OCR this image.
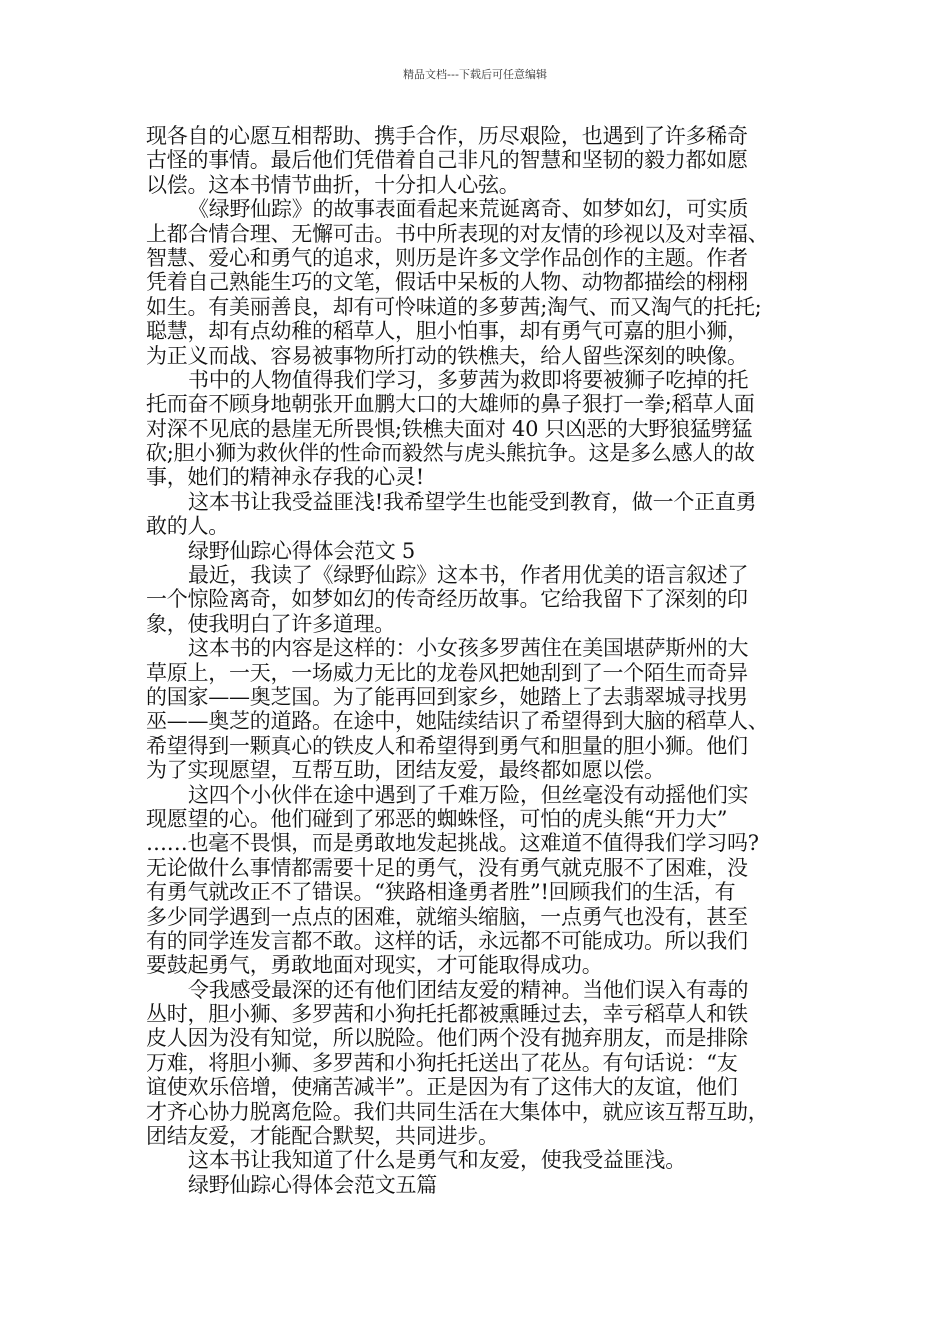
精品文档---下载后可任意编辑
现各自的心愿互相帮助、携手合作，历尽艰险，也遇到了许多稀奇
古怪的事情。最后他们凭借着自己非凡的智慧和坚韧的毅力都如愿
以偿。这本书情节曲折，十分扣人心弦。
《绿野仙踪》的故事表面看起来荒诞离奇、如梦如幻，可实质
上都合情合理、无懈可击。书中所表现的对友情的珍视以及对幸福、
智慧、爱心和勇气的追求，则历是许多文学作品创作的主题。作者
凭着自己熟能生巧的文笔，假话中呆板的人物、动物都描绘的栩栩
如生。有美丽善良，却有可怜味道的多萝茜;淘气、而又淘气的托托;
聪慧，却有点幼稚的稻草人，胆小怕事，却有勇气可嘉的胆小狮，
为正义而战、容易被事物所打动的铁樵夫，给人留些深刻的映像。
书中的人物值得我们学习，多萝茜为救即将要被狮子吃掉的托
托而奋不顾身地朝张开血鹏大口的大雄师的鼻子狠打一拳;稻草人面
对深不见底的悬崖无所畏惧;铁樵夫面对 40 只凶恶的大野狼猛劈猛
砍;胆小狮为救伙伴的性命而毅然与虎头熊抗争。这是多么感人的故
事，她们的精神永存我的心灵!
这本书让我受益匪浅!我希望学生也能受到教育，做一个正直勇
敢的人。
绿野仙踪心得体会范文 5
最近，我读了《绿野仙踪》这本书，作者用优美的语言叙述了
一个惊险离奇，如梦如幻的传奇经历故事。它给我留下了深刻的印
象，使我明白了许多道理。
这本书的内容是这样的：小女孩多罗茜住在美国堪萨斯州的大
草原上，一天，一场威力无比的龙卷风把她刮到了一个陌生而奇异
的国家——奥芝国。为了能再回到家乡，她踏上了去翡翠城寻找男
巫——奥芝的道路。在途中，她陆续结识了希望得到大脑的稻草人、
希望得到一颗真心的铁皮人和希望得到勇气和胆量的胆小狮。他们
为了实现愿望，互帮互助，团结友爱，最终都如愿以偿。
这四个小伙伴在途中遇到了千难万险，但丝毫没有动摇他们实
现愿望的心。他们碰到了邪恶的蜘蛛怪，可怕的虎头熊“开力大”
……也毫不畏惧，而是勇敢地发起挑战。这难道不值得我们学习吗?
无论做什么事情都需要十足的勇气，没有勇气就克服不了困难，没
有勇气就改正不了错误。“狭路相逢勇者胜”!回顾我们的生活，有
多少同学遇到一点点的困难，就缩头缩脑，一点勇气也没有，甚至
有的同学连发言都不敢。这样的话，永远都不可能成功。所以我们
要鼓起勇气，勇敢地面对现实，才可能取得成功。
令我感受最深的还有他们团结友爱的精神。当他们误入有毒的
丛时，胆小狮、多罗茜和小狗托托都被熏睡过去，幸亏稻草人和铁
皮人因为没有知觉，所以脱险。他们两个没有抛弃朋友，而是排除
万难，将胆小狮、多罗茜和小狗托托送出了花丛。有句话说：“友
谊使欢乐倍增，使痛苦减半”。正是因为有了这伟大的友谊，他们
才齐心协力脱离危险。我们共同生活在大集体中，就应该互帮互助，
团结友爱，才能配合默契，共同进步。
这本书让我知道了什么是勇气和友爱，使我受益匪浅。
绿野仙踪心得体会范文五篇
